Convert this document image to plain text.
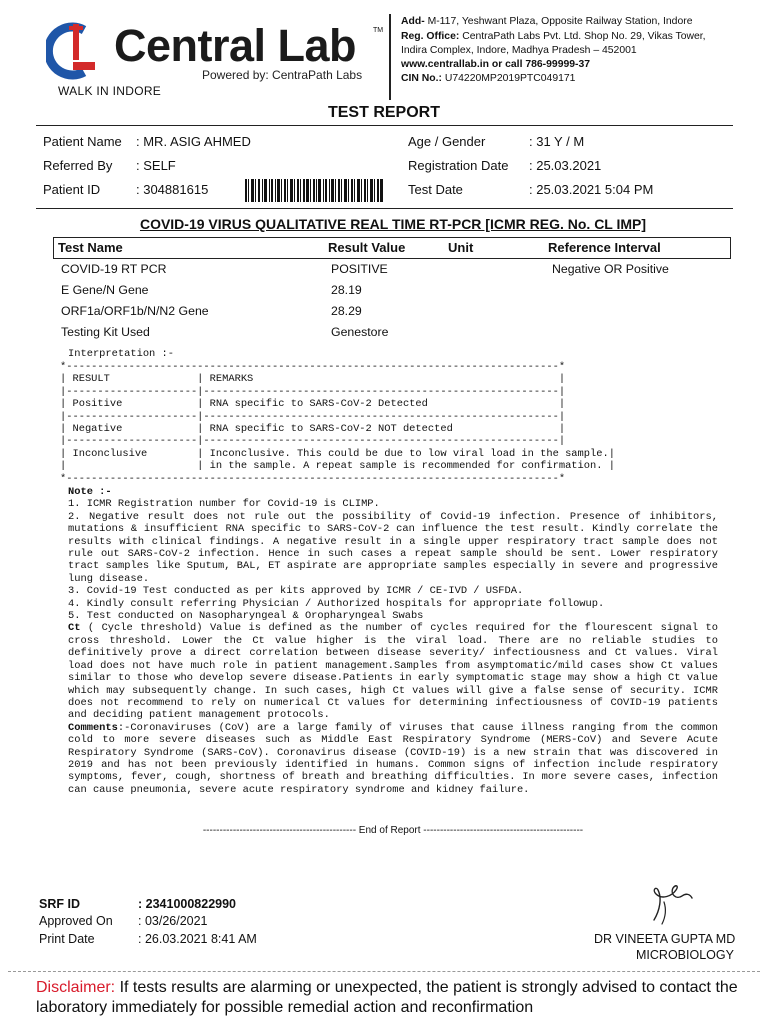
Central Lab TM
Powered by: CentraPath Labs
WALK IN INDORE
Add- M-117, Yeshwant Plaza, Opposite Railway Station, Indore
Reg. Office: CentraPath Labs Pvt. Ltd. Shop No. 29, Vikas Tower,
Indira Complex, Indore, Madhya Pradesh – 452001
www.centrallab.in or call 786-99999-37
CIN No.: U74220MP2019PTC049171
TEST REPORT
Patient Name : MR. ASIG AHMED
Referred By : SELF
Patient ID	: 304881615
Age / Gender	: 31 Y / M
Registration Date : 25.03.2021
Test Date	: 25.03.2021 5:04 PM
COVID-19 VIRUS QUALITATIVE REAL TIME RT-PCR [ICMR REG. No. CL IMP]
Test Name	Result Value	Unit	Reference Interval
COVID-19 RT PCR	POSITIVE	Negative OR Positive
E Gene/N Gene	28.19
ORF1a/ORF1b/N/N2 Gene	28.29
Testing Kit Used	Genestore
Interpretation :-
*-------------------------------------------------------------------------------*
| RESULT              | REMARKS                                                 |
|---------------------|---------------------------------------------------------|
| Positive            | RNA specific to SARS-CoV-2 Detected                     |
|---------------------|---------------------------------------------------------|
| Negative            | RNA specific to SARS-CoV-2 NOT detected                 |
|---------------------|---------------------------------------------------------|
| Inconclusive        | Inconclusive. This could be due to low viral load in the sample.|
|                     | in the sample. A repeat sample is recommended for confirmation. |
*-------------------------------------------------------------------------------*

Note :-

1. ICMR Registration number for Covid-19 is CLIMP.

2. Negative result does not rule out the possibility of Covid-19 infection. Presence of inhibitors, mutations & insufficient RNA specific to SARS-CoV-2 can influence the test result. Kindly correlate the results with clinical findings. A negative result in a single upper respiratory tract sample does not rule out SARS-CoV-2 infection. Hence in such cases a repeat sample should be sent. Lower respiratory tract samples like Sputum, BAL, ET aspirate are appropriate samples especially in severe and progressive lung disease.

3. Covid-19 Test conducted as per kits approved by ICMR / CE-IVD / USFDA.

4. Kindly consult referring Physician / Authorized hospitals for appropriate followup.

5. Test conducted on Nasopharyngeal & Oropharyngeal Swabs

Ct ( Cycle threshold) Value is defined as the number of cycles required for the flourescent signal to cross threshold. Lower the Ct value higher is the viral load. There are no reliable studies to definitively prove a direct correlation between disease severity/ infectiousness and Ct values. Viral load does not have much role in patient management.Samples from asymptomatic/mild cases show Ct values similar to those who develop severe disease.Patients in early symptomatic stage may show a high Ct value which may subsequently change. In such cases, high Ct values will give a false sense of security. ICMR does not recommend to rely on numerical Ct values for determining infectiousness of COVID-19 patients and deciding patient management protocols.

Comments:-Coronaviruses (CoV) are a large family of viruses that cause illness ranging from the common cold to more severe diseases such as Middle East Respiratory Syndrome (MERS-CoV) and Severe Acute Respiratory Syndrome (SARS-CoV). Coronavirus disease (COVID-19) is a new strain that was discovered in 2019 and has not been previously identified in humans. Common signs of infection include respiratory symptoms, fever, cough, shortness of breath and breathing difficulties. In more severe cases, infection can cause pneumonia, severe acute respiratory syndrome and kidney failure.

---------------------------------------------- End of Report ------------------------------------------------
SRF ID	: 2341000822990
Approved On : 03/26/2021
Print Date	: 26.03.2021 8:41 AM	DR VINEETA GUPTA MD
MICROBIOLOGY
Disclaimer: If tests results are alarming or unexpected, the patient is strongly advised to contact the laboratory immediately for possible remedial action and reconfirmation
